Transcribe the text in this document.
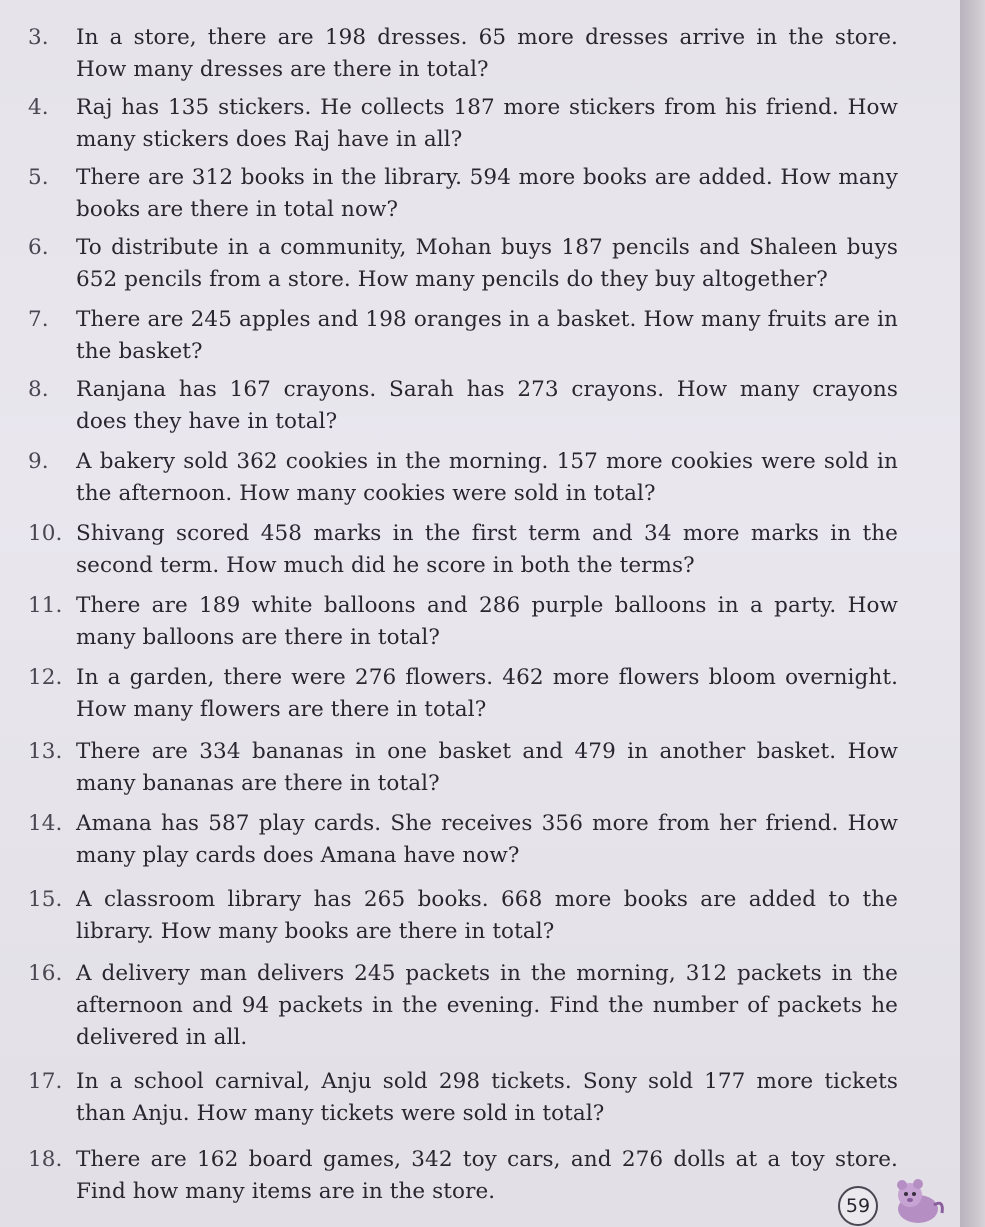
3.	In a store, there are 198 dresses. 65 more dresses arrive in the store. How many dresses are there in total?
4.	Raj has 135 stickers. He collects 187 more stickers from his friend. How many stickers does Raj have in all?
5.	There are 312 books in the library. 594 more books are added. How many books are there in total now?
6.	To distribute in a community, Mohan buys 187 pencils and Shaleen buys 652 pencils from a store. How many pencils do they buy altogether?
7.	There are 245 apples and 198 oranges in a basket. How many fruits are in the basket?
8.	Ranjana has 167 crayons. Sarah has 273 crayons. How many crayons does they have in total?
9.	A bakery sold 362 cookies in the morning. 157 more cookies were sold in the afternoon. How many cookies were sold in total?
10. Shivang scored 458 marks in the first term and 34 more marks in the second term. How much did he score in both the terms?
11. There are 189 white balloons and 286 purple balloons in a party. How many balloons are there in total?
12. In a garden, there were 276 flowers. 462 more flowers bloom overnight. How many flowers are there in total?
13. There are 334 bananas in one basket and 479 in another basket. How many bananas are there in total?
14. Amana has 587 play cards. She receives 356 more from her friend. How many play cards does Amana have now?
15. A classroom library has 265 books. 668 more books are added to the library. How many books are there in total?
16. A delivery man delivers 245 packets in the morning, 312 packets in the afternoon and 94 packets in the evening. Find the number of packets he delivered in all.
17. In a school carnival, Anju sold 298 tickets. Sony sold 177 more tickets than Anju. How many tickets were sold in total?
18. There are 162 board games, 342 toy cars, and 276 dolls at a toy store. Find how many items are in the store.
59
